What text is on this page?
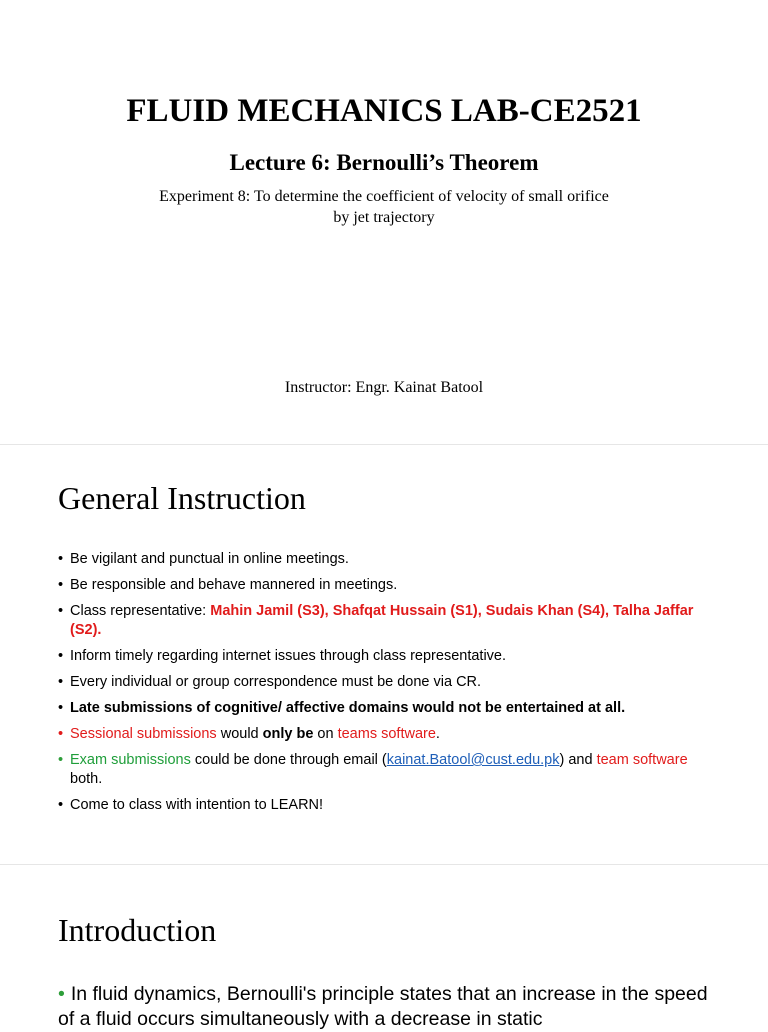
FLUID MECHANICS LAB-CE2521
Lecture 6: Bernoulli’s Theorem
Experiment 8: To determine the coefficient of velocity of small orifice
by jet trajectory
Instructor: Engr. Kainat Batool
General Instruction
• Be vigilant and punctual in online meetings.
• Be responsible and behave mannered in meetings.
• Class representative: Mahin Jamil (S3), Shafqat Hussain (S1), Sudais Khan (S4), Talha Jaffar (S2).
• Inform timely regarding internet issues through class representative.
• Every individual or group correspondence must be done via CR.
• Late submissions of cognitive/ affective domains would not be entertained at all.
• Sessional submissions would only be on teams software.
• Exam submissions could be done through email (kainat.Batool@cust.edu.pk) and team software both.
• Come to class with intention to LEARN!
Introduction
• In fluid dynamics, Bernoulli's principle states that an increase in the speed of a fluid occurs simultaneously with a decrease in static
